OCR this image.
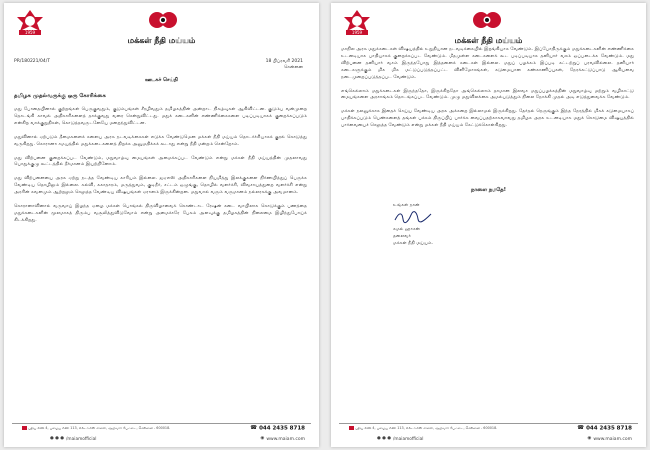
1959
மக்கள் நீதி மய்யம்
PR/180221/04/T	18 பிப்ரவரி 2021
சென்னை
ஊடகச் செய்தி
தமிழக முதல்வருக்கு ஒரு கோரிக்கை

மது போதையினால் குற்றங்கள் பெருகுவதும், குடும்பங்கள் சீரழிவதும் தமிழகத்தின் அன்றாட நிகழ்வுகள் ஆகிவிட்டன. குடும்ப வன்முறை தொடங்கி காவல் அதிகாரிகளைத் தாக்குவது வரை சென்றுவிட்டது. மதுக் கடைகளின் எண்ணிக்கைகளை படிப்படியாகக் குறைக்கப்படும் என்கிற வாக்குறுதிகள், கொடுத்தவருடனேயே மறைந்துவிட்டன.

மதுவினால் ஏற்படும் தீமைகளைக் களைய அரசு நடவடிக்கைகள் எடுக்க வேண்டுமென மக்கள் நீதி மய்யம் தொடர்ச்சியாகக் குரல் கொடுத்து வருகிறது. கொரானா சமயத்தில் மதுக்கடைகளைத் திறக்க அனுமதிக்கக் கூடாது என்று நீதி மன்றம் சென்றோம்.

மது விற்பனை குறைக்கப்பட வேண்டும், மறுவாழ்வு மையங்கள் அமைக்கப்பட வேண்டும் என்று மக்கள் நீதி மய்யத்தின் முதலாவது பொதுக்குழு கூட்டத்தில் தீர்மானம் இயற்றினோம்.

மது விற்பனையை அரசு ஏற்று நடத்த வேண்டிய காரியம் இல்லை. ஐஏஎஸ் அதிகாரிகளை நியமித்து இலக்குகளை நிர்ணயித்துப் பெருக்க வேண்டிய தொழிலும் இல்லை. கல்வி, சுகாதாரம், மருத்துவம், குடிநீர், சட்டம் ஒழுங்கு, தொழில் வளர்ச்சி, விவசாயத்துறை வளர்ச்சி என்று அரசின் கவனமும் ஆற்றலும் செலுத்த வேண்டிய விஷயங்கள் ஏராளம் இருக்கின்றன. மதுவால் வரும் வருமானம் நல்லரசுக்கு அவமானம்.

கொரானாவினால் வருவாய் இழந்த ஏழை மக்கள் பொங்கல் திருவிழாவைக் கொண்டாட ரேஷன் கடை வாயிலாக கொடுக்கும் பணத்தை மதுக்கடைகளின் மூலமாகத் திரும்ப வசூலித்துவிடுவோம் என்று அமைச்சரே பேசும் அளவுக்கு தமிழகத்தின் நிலைமை இழிந்துபோய்க் கிடக்கிறது.

புதிய எண் 4, பழைய எண் 113, எல்டாம்ஸ் சாலை, ஆழ்வார் பேட்டை, சென்னை - 600018.	☎ 044 2435 8718
● ● ● /maiamofficial	◉ www.maiam.com
1959
மக்கள் நீதி மய்யம்

மாநில அரசு மதுக்கடைகள் விஷயத்தில் உறுதியான நடவடிக்கையில் இறங்கியாக வேண்டும். இப்போதிருக்கும் மதுக்கடைகளின் எண்ணிக்கை உடனடியாக பாதியாகக் குறைக்கப்பட வேண்டும். மீதமுள்ள கடைகளைக் கூட படிப்படியாக தனியார் வசம் ஒப்படைக்க வேண்டும். மது விற்பனை தனியார் வசம் இருந்தபோது இத்தனைக் கடைகள் இல்லை. மதுப் பழக்கம் இப்படி கட்டற்றுப் பரவவில்லை. தனியார் கடைகளுக்கும் மிக மிக மட்டுப்படுத்தப்பட்ட விளிமோசங்கள், கடுமையான கண்காணிப்புகள், நேரக்கட்டுப்பாடு ஆகியவை நடைமுறைப்படுத்தப்பட வேண்டும்.

எங்கெல்லாம் மதுக்கடைகள் இருந்ததோ, இருக்கிறதோ அங்கெல்லாம் தாமான இலவச மதுப்பழக்கத்தின் மறுவாழ்வு மற்றும் வழிகாட்டு மையங்களை அரசாங்கம் தொடங்கப்பட வேண்டும். முழு மதுவிலக்கை அமல்படுத்தும் நிலை நோக்கி முதல் அடி எடுத்துவைக்க வேண்டும்.

மக்கள் நலனுக்காக இதைச் செய்ய வேண்டிய அரசு அக்கறை இல்லாமல் இருக்கிறது. தேர்தல் நெருங்கும் இந்த நேரத்தில் மிகக் கடுமையாகப் பாதிக்கப்படும் பெண்களைத் தங்கள் பக்கம் திருப்பிப் பார்க்க வைப்பதற்காகவாவது தமிழக அரசு உடனடியாக மதுக் கொடுமை விஷயத்தில் பார்வையைச் செலுத்த வேண்டும் என்று மக்கள் நீதி மய்யம் கேட்டுக்கொள்கிறது.

நாளை நமதே!
உங்கள் நான்
கமல் ஹாசன்
தலைவர்
மக்கள் நீதி மய்யம்.
புதிய எண் 4, பழைய எண் 113, எல்டாம்ஸ் சாலை, ஆழ்வார் பேட்டை, சென்னை - 600018.	☎ 044 2435 8718
● ● ● /maiamofficial	◉ www.maiam.com
